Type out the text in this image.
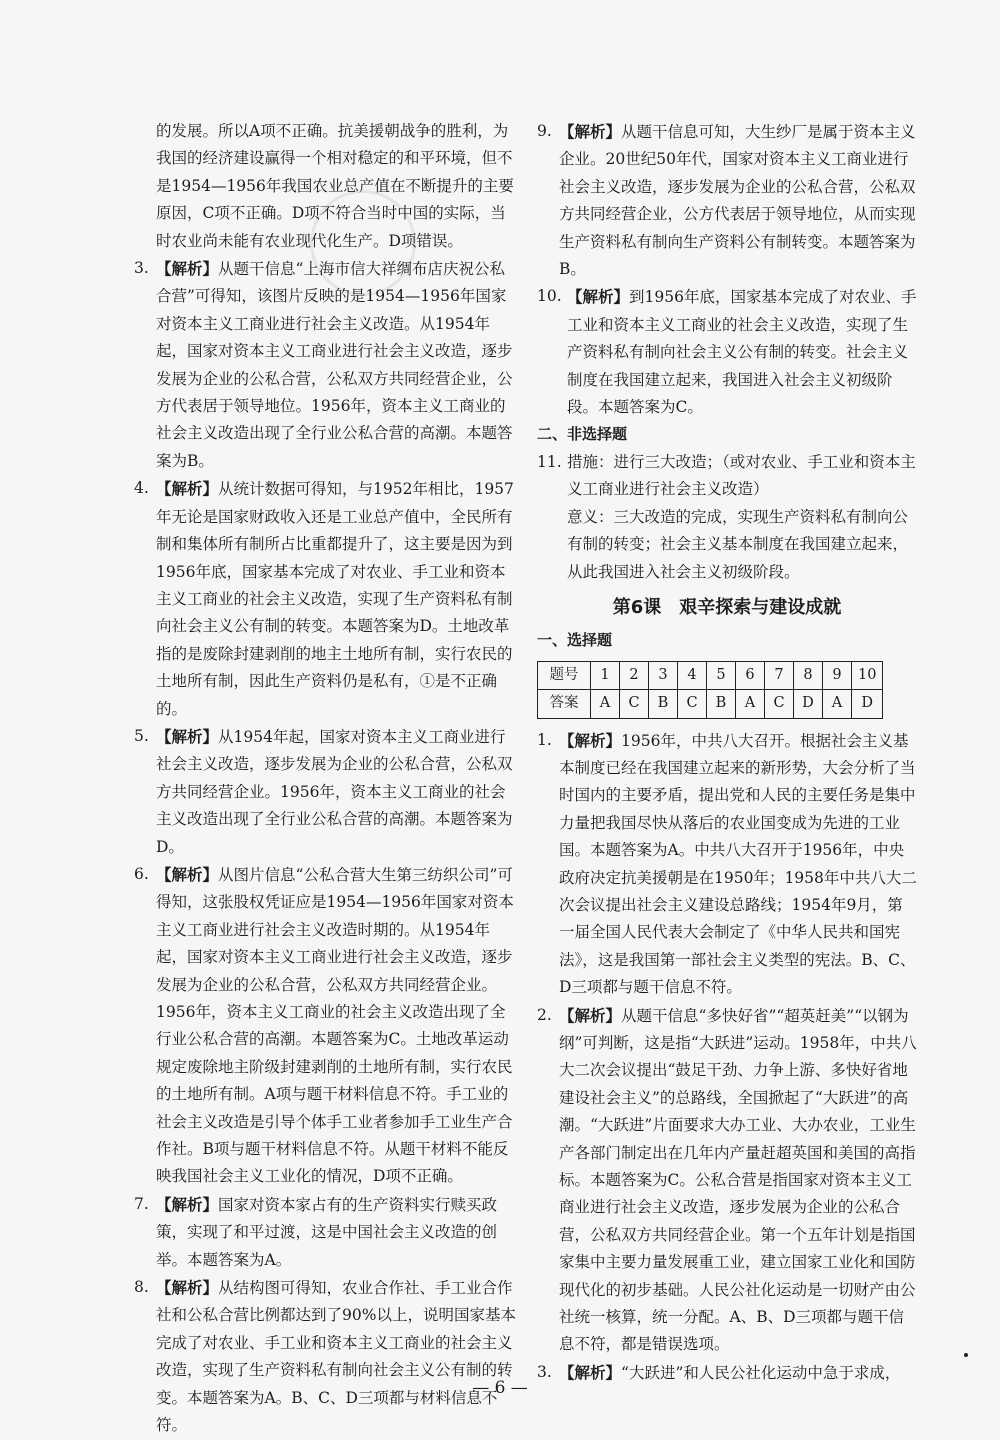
的发展。所以A项不正确。抗美援朝战争的胜利，为我国的经济建设赢得一个相对稳定的和平环境，但不是1954—1956年我国农业总产值在不断提升的主要原因，C项不正确。D项不符合当时中国的实际，当时农业尚未能有农业现代化生产。D项错误。
3. 【解析】从题干信息“上海市信大祥绸布店庆祝公私合营”可得知，该图片反映的是1954—1956年国家对资本主义工商业进行社会主义改造。从1954年起，国家对资本主义工商业进行社会主义改造，逐步发展为企业的公私合营，公私双方共同经营企业，公方代表居于领导地位。1956年，资本主义工商业的社会主义改造出现了全行业公私合营的高潮。本题答案为B。
4. 【解析】从统计数据可得知，与1952年相比，1957年无论是国家财政收入还是工业总产值中，全民所有制和集体所有制所占比重都提升了，这主要是因为到1956年底，国家基本完成了对农业、手工业和资本主义工商业的社会主义改造，实现了生产资料私有制向社会主义公有制的转变。本题答案为D。土地改革指的是废除封建剥削的地主土地所有制，实行农民的土地所有制，因此生产资料仍是私有，①是不正确的。
5. 【解析】从1954年起，国家对资本主义工商业进行社会主义改造，逐步发展为企业的公私合营，公私双方共同经营企业。1956年，资本主义工商业的社会主义改造出现了全行业公私合营的高潮。本题答案为D。
6. 【解析】从图片信息“公私合营大生第三纺织公司”可得知，这张股权凭证应是1954—1956年国家对资本主义工商业进行社会主义改造时期的。从1954年起，国家对资本主义工商业进行社会主义改造，逐步发展为企业的公私合营，公私双方共同经营企业。1956年，资本主义工商业的社会主义改造出现了全行业公私合营的高潮。本题答案为C。土地改革运动规定废除地主阶级封建剥削的土地所有制，实行农民的土地所有制。A项与题干材料信息不符。手工业的社会主义改造是引导个体手工业者参加手工业生产合作社。B项与题干材料信息不符。从题干材料不能反映我国社会主义工业化的情况，D项不正确。
7. 【解析】国家对资本家占有的生产资料实行赎买政策，实现了和平过渡，这是中国社会主义改造的创举。本题答案为A。
8. 【解析】从结构图可得知，农业合作社、手工业合作社和公私合营比例都达到了90%以上，说明国家基本完成了对农业、手工业和资本主义工商业的社会主义改造，实现了生产资料私有制向社会主义公有制的转变。本题答案为A。B、C、D三项都与材料信息不符。
9. 【解析】从题干信息可知，大生纱厂是属于资本主义企业。20世纪50年代，国家对资本主义工商业进行社会主义改造，逐步发展为企业的公私合营，公私双方共同经营企业，公方代表居于领导地位，从而实现生产资料私有制向生产资料公有制转变。本题答案为B。
10. 【解析】到1956年底，国家基本完成了对农业、手工业和资本主义工商业的社会主义改造，实现了生产资料私有制向社会主义公有制的转变。社会主义制度在我国建立起来，我国进入社会主义初级阶段。本题答案为C。
二、非选择题
11. 措施：进行三大改造；（或对农业、手工业和资本主义工商业进行社会主义改造）
意义：三大改造的完成，实现生产资料私有制向公有制的转变；社会主义基本制度在我国建立起来，从此我国进入社会主义初级阶段。
第6课　艰辛探索与建设成就
一、选择题
题号	1	2	3	4	5	6	7	8	9	10
答案	A	C	B	C	B	A	C	D	A	D
1. 【解析】1956年，中共八大召开。根据社会主义基本制度已经在我国建立起来的新形势，大会分析了当时国内的主要矛盾，提出党和人民的主要任务是集中力量把我国尽快从落后的农业国变成为先进的工业国。本题答案为A。中共八大召开于1956年，中央政府决定抗美援朝是在1950年；1958年中共八大二次会议提出社会主义建设总路线；1954年9月，第一届全国人民代表大会制定了《中华人民共和国宪法》，这是我国第一部社会主义类型的宪法。B、C、D三项都与题干信息不符。
2. 【解析】从题干信息“多快好省”“超英赶美”“以钢为纲”可判断，这是指“大跃进”运动。1958年，中共八大二次会议提出“鼓足干劲、力争上游、多快好省地建设社会主义”的总路线，全国掀起了“大跃进”的高潮。“大跃进”片面要求大办工业、大办农业，工业生产各部门制定出在几年内产量赶超英国和美国的高指标。本题答案为C。公私合营是指国家对资本主义工商业进行社会主义改造，逐步发展为企业的公私合营，公私双方共同经营企业。第一个五年计划是指国家集中主要力量发展重工业，建立国家工业化和国防现代化的初步基础。人民公社化运动是一切财产由公社统一核算，统一分配。A、B、D三项都与题干信息不符，都是错误选项。
3. 【解析】“大跃进”和人民公社化运动中急于求成，
— 6 —
